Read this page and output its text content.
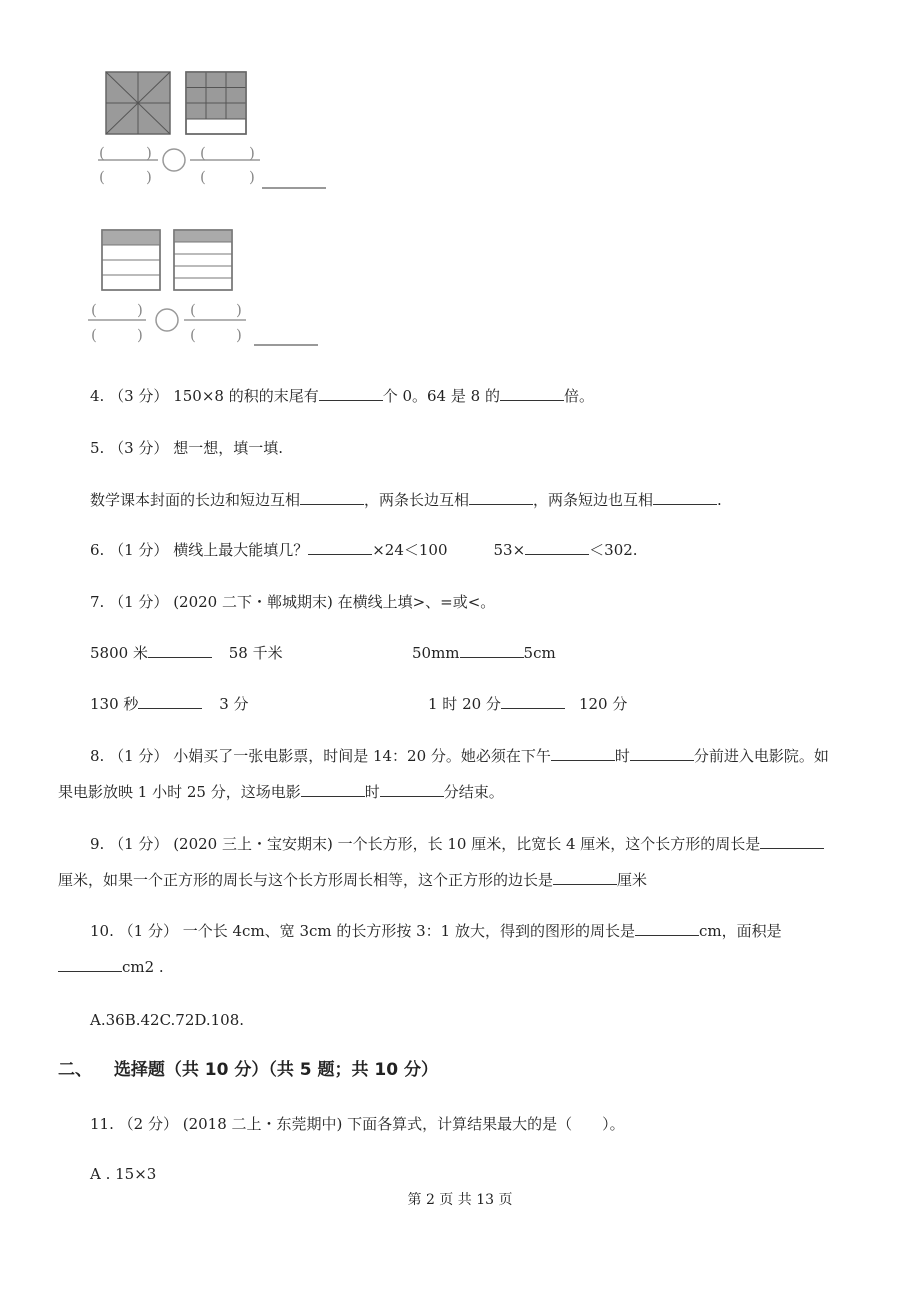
(	)
(	)
(	)
(	)
(	)
(	)
(	)
(	)
4. （3 分） 150×8 的积的末尾有	个 0。64 是 8 的	倍。
5. （3 分） 想一想，填一填.
数学课本封面的长边和短边互相	，两条长边互相	，两条短边也互相	.
6. （1 分） 横线上最大能填几？	×24＜100	53×	＜302.
7. （1 分） (2020 二下・郸城期末) 在横线上填>、=或<。
5800 米	58 千米	50mm	5cm
130 秒	3 分	1 时 20 分	120 分
8. （1 分） 小娟买了一张电影票，时间是 14：20 分。她必须在下午	时	分前进入电影院。如
果电影放映 1 小时 25 分，这场电影	时	分结束。
9. （1 分） (2020 三上・宝安期末) 一个长方形，长 10 厘米，比宽长 4 厘米，这个长方形的周长是
厘米，如果一个正方形的周长与这个长方形周长相等，这个正方形的边长是	厘米
10. （1 分） 一个长 4cm、宽 3cm 的长方形按 3：1 放大，得到的图形的周长是	cm，面积是
cm2 .
A.36B.42C.72D.108.
二、 选择题（共 10 分）（共 5 题；共 10 分）
11. （2 分） (2018 二上・东莞期中) 下面各算式，计算结果最大的是（　　）。
A . 15×3
第 2 页 共 13 页
